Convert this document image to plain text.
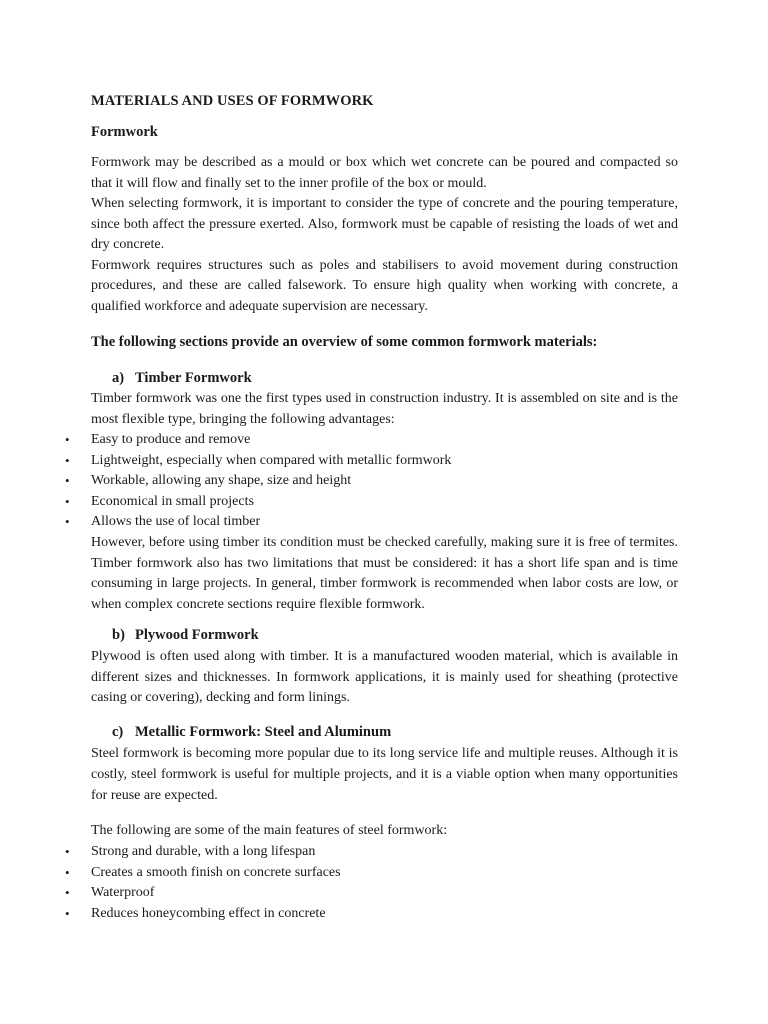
MATERIALS AND USES OF FORMWORK
Formwork

Formwork may be described as a mould or box which wet concrete can be poured and compacted so that it will flow and finally set to the inner profile of the box or mould.

When selecting formwork, it is important to consider the type of concrete and the pouring temperature, since both affect the pressure exerted. Also, formwork must be capable of resisting the loads of wet and dry concrete.

Formwork requires structures such as poles and stabilisers to avoid movement during construction procedures, and these are called falsework. To ensure high quality when working with concrete, a qualified workforce and adequate supervision are necessary.

The following sections provide an overview of some common formwork materials:
a) Timber Formwork

Timber formwork was one the first types used in construction industry. It is assembled on site and is the most flexible type, bringing the following advantages:

• Easy to produce and remove
• Lightweight, especially when compared with metallic formwork
• Workable, allowing any shape, size and height
• Economical in small projects
• Allows the use of local timber

However, before using timber its condition must be checked carefully, making sure it is free of termites. Timber formwork also has two limitations that must be considered: it has a short life span and is time consuming in large projects. In general, timber formwork is recommended when labor costs are low, or when complex concrete sections require flexible formwork.

b) Plywood Formwork

Plywood is often used along with timber. It is a manufactured wooden material, which is available in different sizes and thicknesses. In formwork applications, it is mainly used for sheathing (protective casing or covering), decking and form linings.

c) Metallic Formwork: Steel and Aluminum

Steel formwork is becoming more popular due to its long service life and multiple reuses. Although it is costly, steel formwork is useful for multiple projects, and it is a viable option when many opportunities for reuse are expected.

The following are some of the main features of steel formwork:

• Strong and durable, with a long lifespan
• Creates a smooth finish on concrete surfaces
• Waterproof
• Reduces honeycombing effect in concrete
